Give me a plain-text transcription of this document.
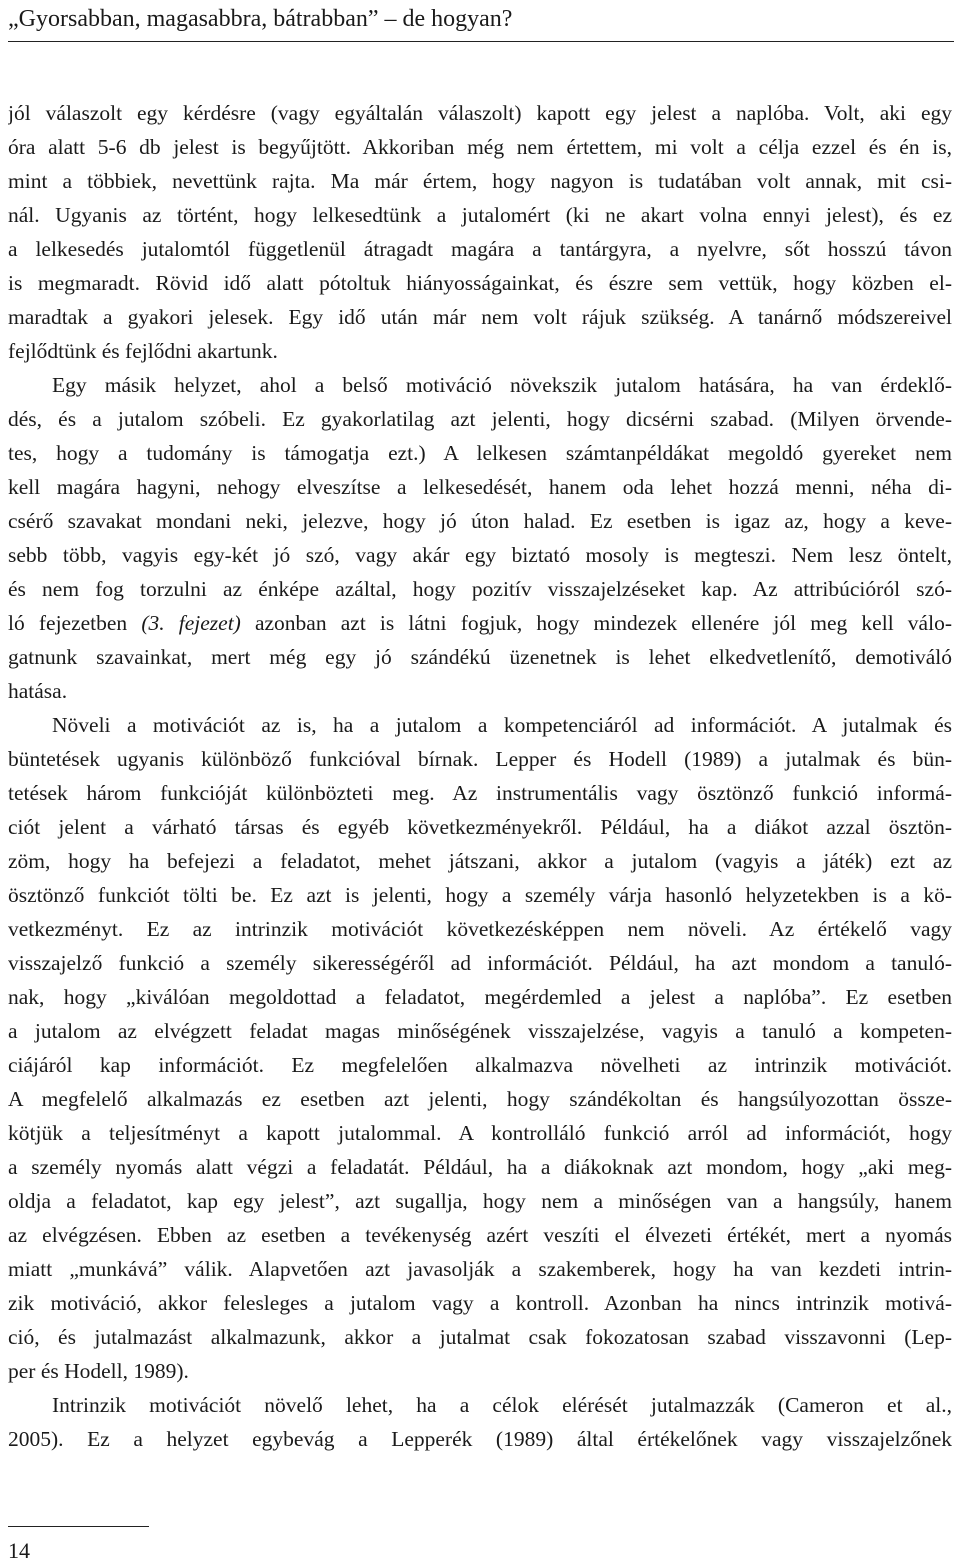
„Gyorsabban, magasabbra, bátrabban” – de hogyan?
jól válaszolt egy kérdésre (vagy egyáltalán válaszolt) kapott egy jelest a naplóba. Volt, aki egy
óra alatt 5-6 db jelest is begyűjtött. Akkoriban még nem értettem, mi volt a célja ezzel és én is,
mint a többiek, nevettünk rajta. Ma már értem, hogy nagyon is tudatában volt annak, mit csi-
nál. Ugyanis az történt, hogy lelkesedtünk a jutalomért (ki ne akart volna ennyi jelest), és ez
a lelkesedés jutalomtól függetlenül átragadt magára a tantárgyra, a nyelvre, sőt hosszú távon
is megmaradt. Rövid idő alatt pótoltuk hiányosságainkat, és észre sem vettük, hogy közben el-
maradtak a gyakori jelesek. Egy idő után már nem volt rájuk szükség. A tanárnő módszereivel
fejlődtünk és fejlődni akartunk.
Egy másik helyzet, ahol a belső motiváció növekszik jutalom hatására, ha van érdeklő-
dés, és a jutalom szóbeli. Ez gyakorlatilag azt jelenti, hogy dicsérni szabad. (Milyen örvende-
tes, hogy a tudomány is támogatja ezt.) A lelkesen számtanpéldákat megoldó gyereket nem
kell magára hagyni, nehogy elveszítse a lelkesedését, hanem oda lehet hozzá menni, néha di-
csérő szavakat mondani neki, jelezve, hogy jó úton halad. Ez esetben is igaz az, hogy a keve-
sebb több, vagyis egy-két jó szó, vagy akár egy biztató mosoly is megteszi. Nem lesz öntelt,
és nem fog torzulni az énképe azáltal, hogy pozitív visszajelzéseket kap. Az attribúcióról szó-
ló fejezetben (3. fejezet) azonban azt is látni fogjuk, hogy mindezek ellenére jól meg kell válo-
gatnunk szavainkat, mert még egy jó szándékú üzenetnek is lehet elkedvetlenítő, demotiváló
hatása.
Növeli a motivációt az is, ha a jutalom a kompetenciáról ad információt. A jutalmak és
büntetések ugyanis különböző funkcióval bírnak. Lepper és Hodell (1989) a jutalmak és bün-
tetések három funkcióját különbözteti meg. Az instrumentális vagy ösztönző funkció informá-
ciót jelent a várható társas és egyéb következményekről. Például, ha a diákot azzal ösztön-
zöm, hogy ha befejezi a feladatot, mehet játszani, akkor a jutalom (vagyis a játék) ezt az
ösztönző funkciót tölti be. Ez azt is jelenti, hogy a személy várja hasonló helyzetekben is a kö-
vetkezményt. Ez az intrinzik motivációt következésképpen nem növeli. Az értékelő vagy
visszajelző funkció a személy sikerességéről ad információt. Például, ha azt mondom a tanuló-
nak, hogy „kiválóan megoldottad a feladatot, megérdemled a jelest a naplóba”. Ez esetben
a jutalom az elvégzett feladat magas minőségének visszajelzése, vagyis a tanuló a kompeten-
ciájáról kap információt. Ez megfelelően alkalmazva növelheti az intrinzik motivációt.
A megfelelő alkalmazás ez esetben azt jelenti, hogy szándékoltan és hangsúlyozottan össze-
kötjük a teljesítményt a kapott jutalommal. A kontrolláló funkció arról ad információt, hogy
a személy nyomás alatt végzi a feladatát. Például, ha a diákoknak azt mondom, hogy „aki meg-
oldja a feladatot, kap egy jelest”, azt sugallja, hogy nem a minőségen van a hangsúly, hanem
az elvégzésen. Ebben az esetben a tevékenység azért veszíti el élvezeti értékét, mert a nyomás
miatt „munkává” válik. Alapvetően azt javasolják a szakemberek, hogy ha van kezdeti intrin-
zik motiváció, akkor felesleges a jutalom vagy a kontroll. Azonban ha nincs intrinzik motivá-
ció, és jutalmazást alkalmazunk, akkor a jutalmat csak fokozatosan szabad visszavonni (Lep-
per és Hodell, 1989).
Intrinzik motivációt növelő lehet, ha a célok elérését jutalmazzák (Cameron et al.,
2005). Ez a helyzet egybevág a Lepperék (1989) által értékelőnek vagy visszajelzőnek
14
